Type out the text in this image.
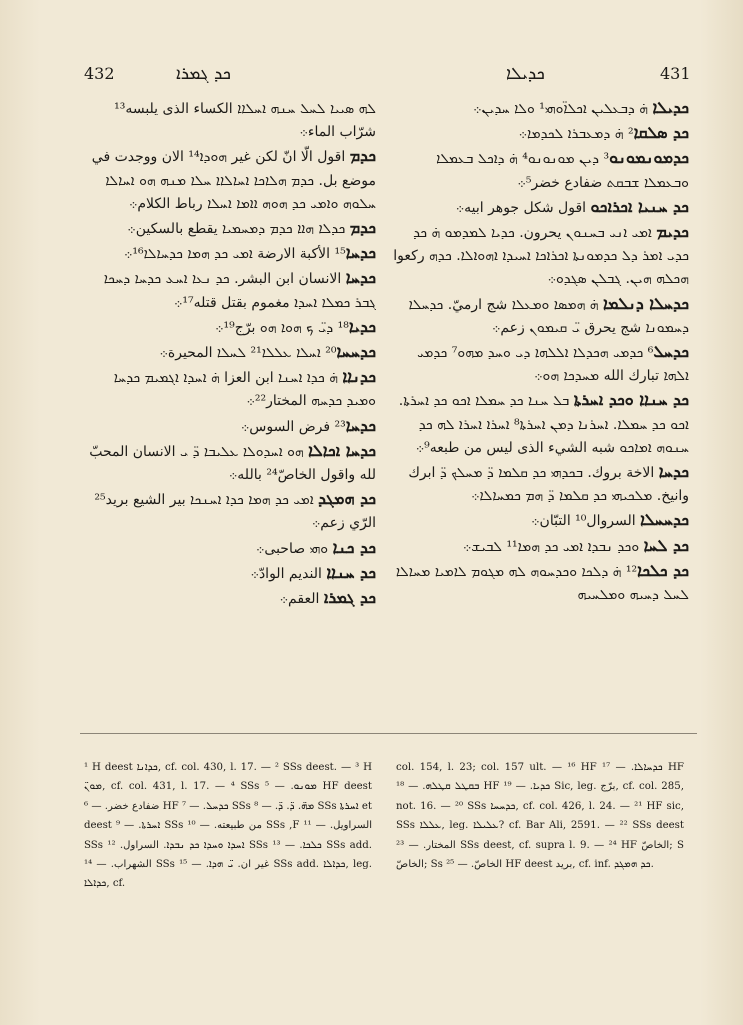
432	ܟܕ ܓܡܪܐ	ܟܕܝܠܐ	431

ܠܗ ܣܝܝܐ ܠܚܠ ܚܢܗ ܐܚܠܐܐ الكساء الذى يلبسه¹³ شرّاب الماء܀

ܟܕܡ اقول الّا انّ لكن غير ܗܘܕܐ¹⁴ الان ووجدت في موضع بل. ܟܕܡ ܗܠܐܟܐ ܐܚܐܠܐܐ ܚܠܐ ܡܢܗ ܗܘ ܐܚܐܠܐ ܚܠܘܗ ܘܐܡܝ ܟܕ ܗܘܗ ܐܐܡܐ ܐܚܠܐ رباط الكلام܀

ܟܕܡ ܟܕܠܐ ܗܐܐ ܟܕܡ ܕܡܚܡܝܐ يقطع بالسكين܀

ܟܕܚܐ¹⁵ الأكبة الارضة ܐܡܝ ܟܕ ܗܡܐ ܟܕܚܐܠܐ¹⁶܀

ܟܕܚܐ الانسان ابن البشر. ܟܕ ܢܥܐ ܐܚܥ ܟܕܚܐ ܕܚܟܐ ܓܒܪ ܟܡܠܐ ܐܚܕܐ مغموم بقتل قتله¹⁷܀

ܟܕܝܐ¹⁸ ܕܝ̈ ܟ ܗܘܐ ܗܘ برّج¹⁹܀

ܟܕܚܚܐ²⁰ ܐܚܠܐ ܥܠܠܐ²¹ ܠܚܠܐ المحيرة܀

ܟܕܢܐܐ ܗ̇ ܟܕܐ ܐܚܢܐ ابن العزا ܗ̇ ܐܚܕܐ ܐܓܡܝܡ ܟܕܚܐ ܘܡܝܕ ܟܕܚܗ المختار²²܀

ܟܕܚܐ²³ فرض السوس܀

ܟܕܚܐ ܐܟܐܠܐ ܗܘ ܐܚܕܘܠܐ ܥܠܝܒܐ ܕ̈ ܝ الانسان المحبّ لله واقول الخاصّ²⁴ بالله܀

ܟܕ ܗܡܓܕ ܐܡܝ ܟܕ ܗܡܐ ܟܕܐ ܐܚܢܟܐ بير الشيع بريد²⁵ الرّي زعم܀

ܟܕ ܟܢܐ ܘܗܝ صاحبى܀

ܟܕ ܚܢܐܐ النديم الوادّ܀

ܟܕ ܓܡܪܐ العقم܀

ܟܕܝܠܐ ܗ̇ ܕܒܥܠܝܢ ܐܟܠܐ̈ܘܗܝ¹ ܘܠܐ ܚܕܝܢ܀

ܟܕ ܣܠܩܐ² ܗ̇ ܕܡܥܒܪܐ ܠܟܕܡܐ܀

ܟܕܡܘܢܡܘܢܘ³ ܕܝܢ ܡܘܢܘܢܘ⁴ ܗ̇ ܕܐܟܠ ܒܥܡܠܐ ܘܒܥܡܠܐ ܫܒܩܬ ضفادع خضر⁵܀

ܟܕ ܚܢܝܐ ܐܟܪܐܟܘ اقول شكل جوهر ابيه܀

ܟܕܝܡ ܐܡܝ ܐܢܝ ܒܚܢܘܢ يحرون. ܟܕܝܐ ܠܡܕܡܘ ܗ̇ ܟܕ ܟܕܝ ܐܡܪ ܕܠ ܟܕܡܘܢܬܐ ܐܟܪܐܟܐ ܐܚܝܕܐ ܐܗܘܐܠܐ. ܟܕܗ ركعوا ܗܟܠܗ ܗܝܢ. ܓܒܠܢ ܣܓܕܘ܀

ܟܕܚܠܐ ܕܢܠܡܐ ܗ̇ ܗܡܣܐ ܘܡܥܠܐ شج ارميّ. ܟܕܚܠܐ ܕܚܡܘܢܐ شج يحرق ܝ̈ ܩܝܡܘܢ زعم܀

ܟܕܚܠ⁶ ܟܕܡܝ ܗܟܕܠܐ ܐܠܠܗܐ ܕܝ ܘܚܕ ܡܗܘ⁷ ܟܕܡܝ ܐܠܗܐ تبارك الله ܡܚܕܟܐ ܗܘ܀

ܟܕ ܚܢܐܐ ܘܟܕ ܐܚܪܬܐ ܒܠ ܚܢܐ ܟܕ ܚܡܠܐ ܐܟܘ ܟܕ ܐܚܪܬܐ. ܐܟܘ ܟܕ ܚܡܠܐ. ܐܚܪܢܐ ܕܡܢ ܐܚܪܬܐ⁸ ܐܚܪܐ ܐܚܪܐ ܠܗ ܟܕ ܚܢܘܗ ܐܡܐܟܘ شبه الشيء الذى ليس من طبعه⁹܀

ܟܕܚܐ الاخة بروك. ܒܟܕܗܝ ܟܕ ܩܠܡܐ ܕ̈ ܡܚܠܟ ܕ̈ ابرك وانيخ. ܡܠܟܝܗܝ ܟܕ ܩܠܡܐ ܕ̈ ܗܡ ܟܡܚܐܠܐ܀

ܟܕܚܚܠܐ السروال¹⁰ التبّان܀

ܟܕ ܠܚܐ ܘܟܕ ܢܒܕܐ ܐܡܝ ܟܕ ܗܡܐ¹¹ ܠܒܝܫ܀

ܟܕ ܟܠܟܐ¹² ܗ̇ ܕܠܟܐ ܘܟܕܚܘܗ ܠܗ ܡܓܘܡ ܠܐܡܝܐ ܡܚܐܠܐ ܠܚܠ ܕܚܝܗ ܘܡܠܚܝܗ

¹ H deest ܟܕܐܢܐ, cf. col. 430, l. 17. — ² SSs deest. — ³ H ܡܘܢ̈, cf. col. 431, l. 17. — ⁴ SSs ܡܘܢܘ. — ⁵ HF deest ضفادع خضر. — ⁶ HF ܟܕܚܠ. — ⁷ SSs ܡܗ̈. ܕ̈. ܕ̈. — ⁸ SSs ܐܚܪܬܐ et deest ܐܚܪܬܐ. — ⁹ SSs من طبيعته. — ¹⁰ SSs ,F السراويل. — ¹¹ SSs ܐܚܕܐ ܘܚܕܐ ܟܕ ܢܒܕܐ. السراول. ¹² SSs ܟܠܟܐ. — ¹³ SSs add. الشهراب. — ¹⁴ SSs غير ان. ܝ̈ ܗܕܐ. — ¹⁵ SSs add. ܟܕܐܠܐ, leg. ܟܕܐܠܐ, cf.

col. 154, l. 23; col. 157 ult. — ¹⁶ HF ܟܕܚܐܠܐ. — ¹⁷ HF ܒܩܛܠ ܩܛܠܗ. — ¹⁸ HF ܟܕܝܐ. — ¹⁹ Sic, leg. برّج, cf. col. 285, not. 16. — ²⁰ SSs ܟܕܚܚܐ, cf. col. 426, l. 24. — ²¹ HF sic, SSs ܥܠܠܐ, leg. ܥܠܝܠܐ? cf. Bar Ali, 2591. — ²² SSs deest المختار. — ²³ SSs deest, cf. supra l. 9. — ²⁴ HF الخاصّ; S الخاصّ; Ss الخاصّ. — ²⁵ HF deest بريد, cf. inf. ܟܕ ܗܡܓܕ.
